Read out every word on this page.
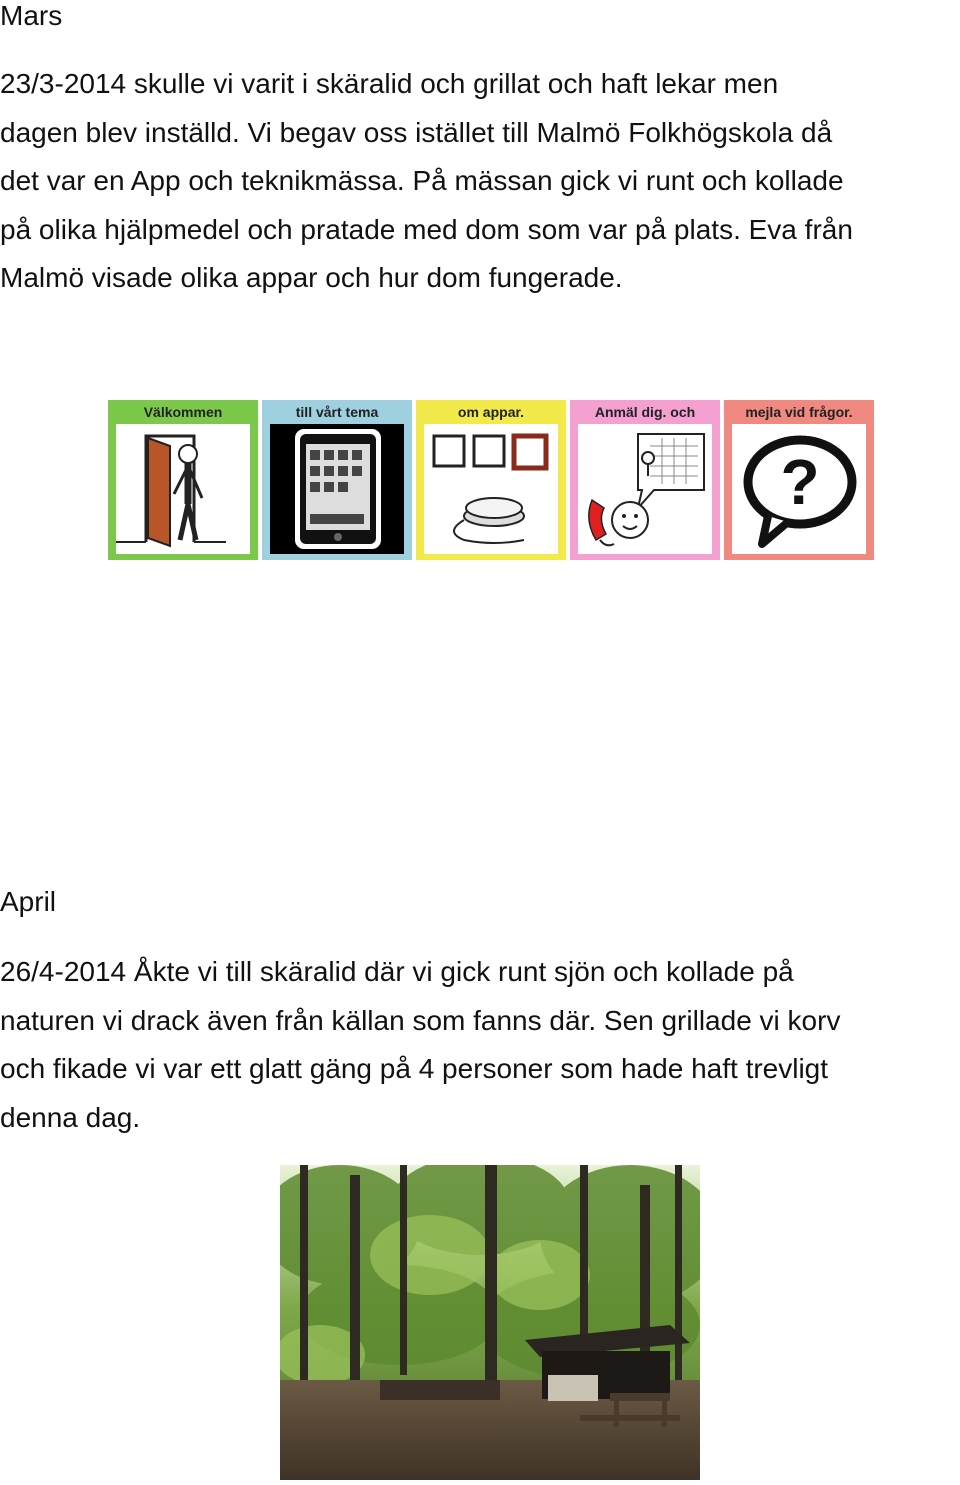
Mars
23/3-2014 skulle vi varit i skäralid och grillat och haft lekar men
dagen blev inställd. Vi begav oss istället till Malmö Folkhögskola då
det var en App och teknikmässa. På mässan gick vi runt och kollade
på olika hjälpmedel och pratade med dom som var på plats. Eva från
Malmö visade olika appar och hur dom fungerade.
Välkommen	till vårt tema	om appar.	Anmäl dig. och	mejla vid frågor.
?
April
26/4-2014 Åkte vi till skäralid där vi gick runt sjön och kollade på
naturen vi drack även från källan som fanns där. Sen grillade vi korv
och fikade vi var ett glatt gäng på 4 personer som hade haft trevligt
denna dag.
